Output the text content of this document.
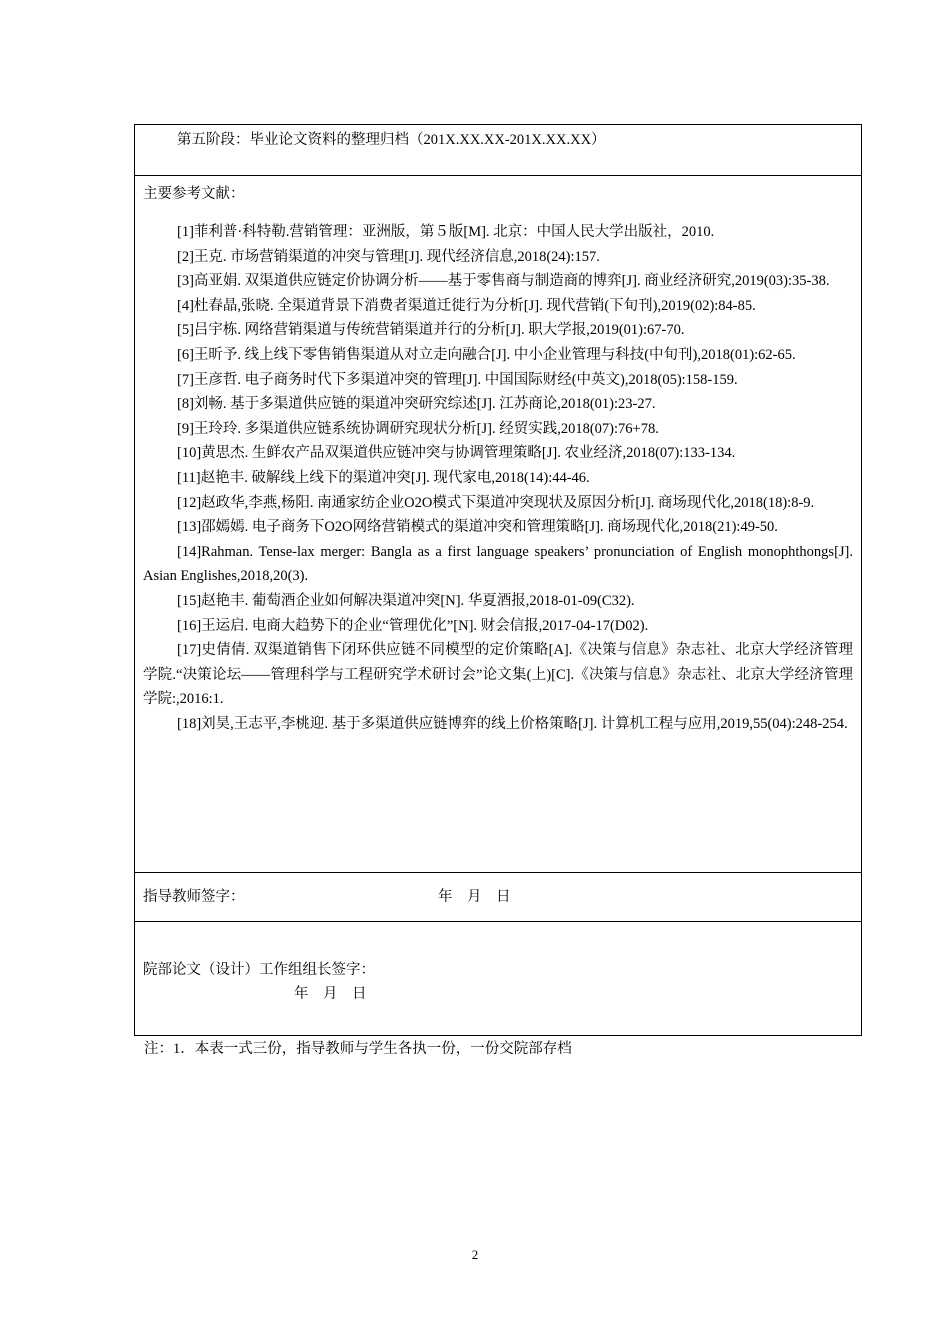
第五阶段：毕业论文资料的整理归档（201X.XX.XX-201X.XX.XX）

主要参考文献：

[1]菲利普·科特勒.营销管理：亚洲版，第５版[M]. 北京：中国人民大学出版社，2010.

[2]王克. 市场营销渠道的冲突与管理[J]. 现代经济信息,2018(24):157.

[3]高亚娟. 双渠道供应链定价协调分析——基于零售商与制造商的博弈[J]. 商业经济研究,2019(03):35-38.

[4]杜春晶,张晓. 全渠道背景下消费者渠道迁徙行为分析[J]. 现代营销(下旬刊),2019(02):84-85.

[5]吕宇栋. 网络营销渠道与传统营销渠道并行的分析[J]. 职大学报,2019(01):67-70.

[6]王昕予. 线上线下零售销售渠道从对立走向融合[J]. 中小企业管理与科技(中旬刊),2018(01):62-65.

[7]王彦哲. 电子商务时代下多渠道冲突的管理[J]. 中国国际财经(中英文),2018(05):158-159.

[8]刘畅. 基于多渠道供应链的渠道冲突研究综述[J]. 江苏商论,2018(01):23-27.

[9]王玲玲. 多渠道供应链系统协调研究现状分析[J]. 经贸实践,2018(07):76+78.

[10]黄思杰. 生鲜农产品双渠道供应链冲突与协调管理策略[J]. 农业经济,2018(07):133-134.

[11]赵艳丰. 破解线上线下的渠道冲突[J]. 现代家电,2018(14):44-46.

[12]赵政华,李燕,杨阳. 南通家纺企业O2O模式下渠道冲突现状及原因分析[J]. 商场现代化,2018(18):8-9.

[13]邵嫣嫣. 电子商务下O2O网络营销模式的渠道冲突和管理策略[J]. 商场现代化,2018(21):49-50.

[14]Rahman. Tense-lax merger: Bangla as a first language speakers’ pronunciation of English monophthongs[J]. Asian Englishes,2018,20(3).

[15]赵艳丰. 葡萄酒企业如何解决渠道冲突[N]. 华夏酒报,2018-01-09(C32).

[16]王运启. 电商大趋势下的企业“管理优化”[N]. 财会信报,2017-04-17(D02).

[17]史倩倩. 双渠道销售下闭环供应链不同模型的定价策略[A].《决策与信息》杂志社、北京大学经济管理学院.“决策论坛——管理科学与工程研究学术研讨会”论文集(上)[C].《决策与信息》杂志社、北京大学经济管理学院:,2016:1.

[18]刘昊,王志平,李桃迎. 基于多渠道供应链博弈的线上价格策略[J]. 计算机工程与应用,2019,55(04):248-254.

指导教师签字：	年　月　日

院部论文（设计）工作组组长签字：

年　月　日

注：1．本表一式三份，指导教师与学生各执一份，一份交院部存档

2
